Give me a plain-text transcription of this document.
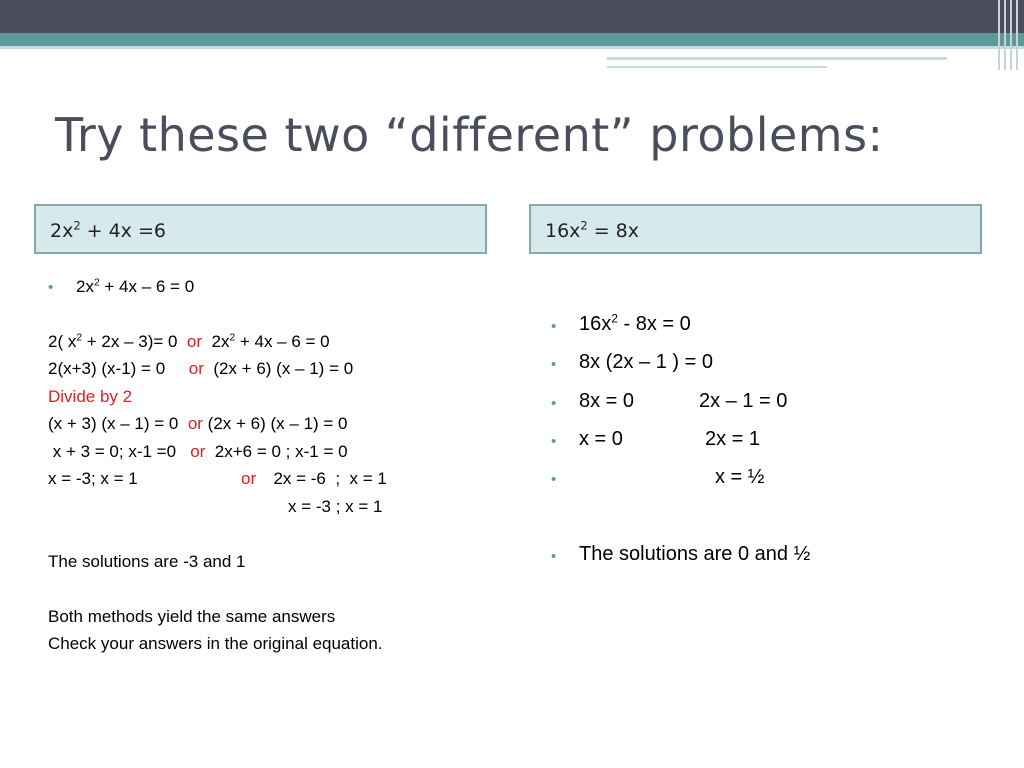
Try these two “different” problems:
$2x^2 + 4x =6$	$16x^2 = 8x$
• $2x^2 + 4x - 6 = 0$
2( $x^2 + 2x - 3)= 0$  or  $2x^2 + 4x - 6 = 0$
2(x+3) (x-1) = 0     or  (2x + 6) (x – 1) = 0
Divide by 2
(x + 3) (x – 1) = 0  or (2x + 6) (x – 1) = 0
x + 3 = 0; x-1 =0   or  2x+6 = 0 ; x-1 = 0
x = -3; x = 1	or 2x = -6  ;  x = 1
x = -3 ; x = 1
The solutions are -3 and 1
Both methods yield the same answers
Check your answers in the original equation.
• $16x^2 - 8x = 0$
• 8x (2x – 1 ) = 0
• 8x = 0	2x – 1 = 0
• x = 0	2x = 1
•	x = ½
• The solutions are 0 and ½
